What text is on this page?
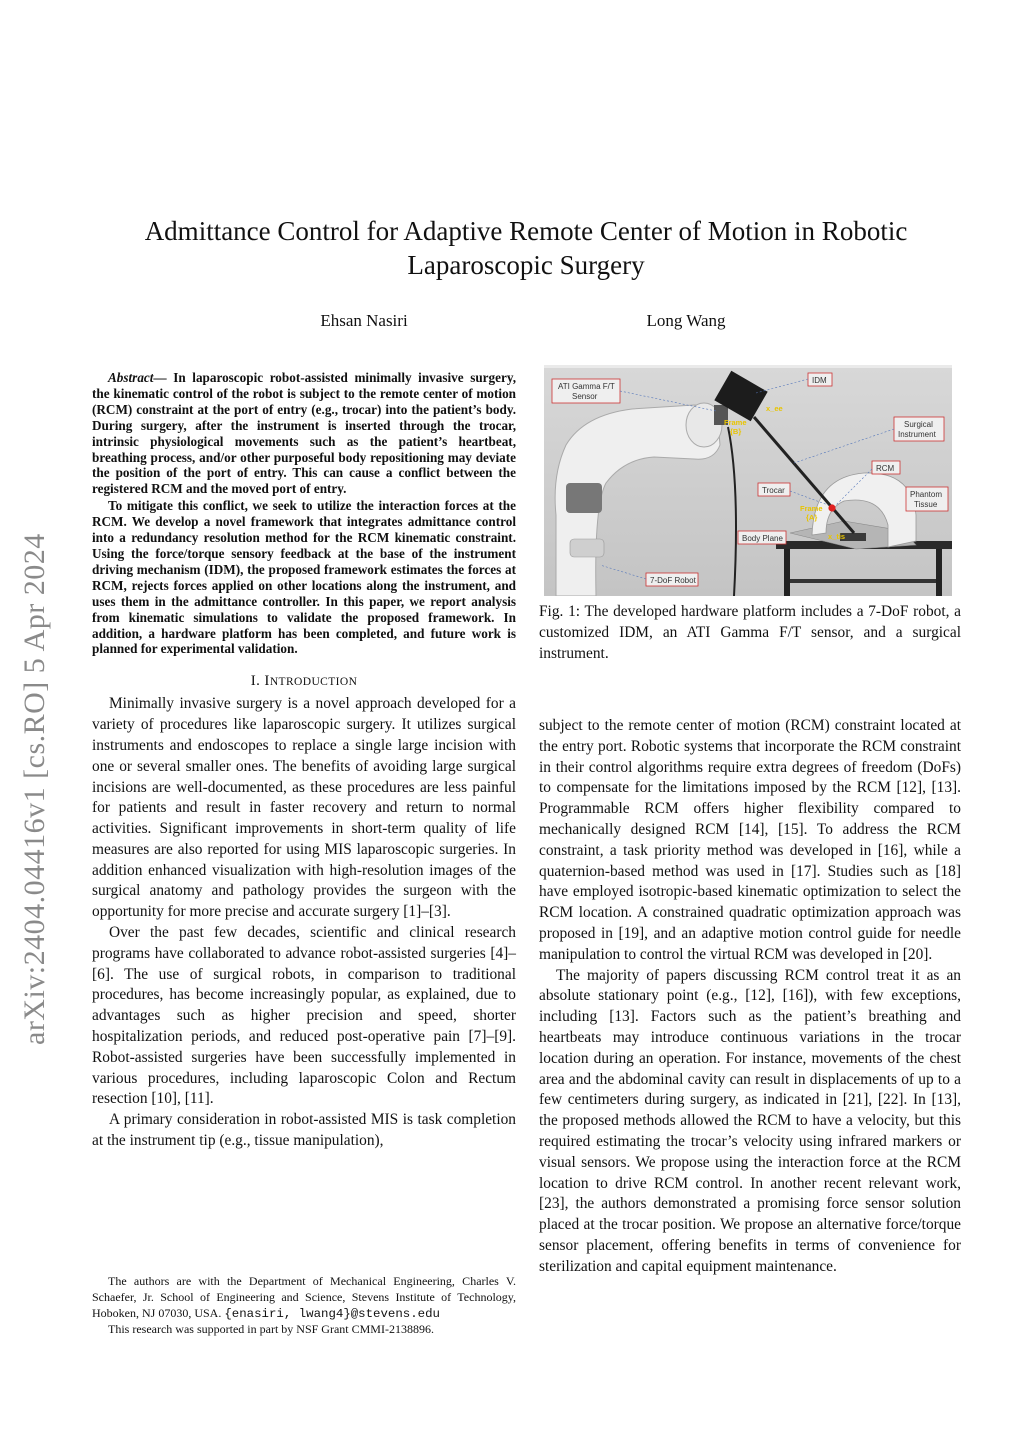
arXiv:2404.04416v1 [cs.RO] 5 Apr 2024
Admittance Control for Adaptive Remote Center of Motion in Robotic Laparoscopic Surgery
Ehsan Nasiri	Long Wang

Abstract— In laparoscopic robot-assisted minimally invasive surgery, the kinematic control of the robot is subject to the remote center of motion (RCM) constraint at the port of entry (e.g., trocar) into the patient’s body. During surgery, after the instrument is inserted through the trocar, intrinsic physiological movements such as the patient’s heartbeat, breathing process, and/or other purposeful body repositioning may deviate the position of the port of entry. This can cause a conflict between the registered RCM and the moved port of entry.

To mitigate this conflict, we seek to utilize the interaction forces at the RCM. We develop a novel framework that integrates admittance control into a redundancy resolution method for the RCM kinematic constraint. Using the force/torque sensory feedback at the base of the instrument driving mechanism (IDM), the proposed framework estimates the forces at RCM, rejects forces applied on other locations along the instrument, and uses them in the admittance controller. In this paper, we report analysis from kinematic simulations to validate the proposed framework. In addition, a hardware platform has been completed, and future work is planned for experimental validation.

I. INTRODUCTION

Minimally invasive surgery is a novel approach developed for a variety of procedures like laparoscopic surgery. It utilizes surgical instruments and endoscopes to replace a single large incision with one or several smaller ones. The benefits of avoiding large surgical incisions are well-documented, as these procedures are less painful for patients and result in faster recovery and return to normal activities. Significant improvements in short-term quality of life measures are also reported for using MIS laparoscopic surgeries. In addition enhanced visualization with high-resolution images of the surgical anatomy and pathology provides the surgeon with the opportunity for more precise and accurate surgery [1]–[3].

Over the past few decades, scientific and clinical research programs have collaborated to advance robot-assisted surgeries [4]–[6]. The use of surgical robots, in comparison to traditional procedures, has become increasingly popular, as explained, due to advantages such as higher precision and speed, shorter hospitalization periods, and reduced post-operative pain [7]–[9]. Robot-assisted surgeries have been successfully implemented in various procedures, including laparoscopic Colon and Rectum resection [10], [11].

A primary consideration in robot-assisted MIS is task completion at the instrument tip (e.g., tissue manipulation),

The authors are with the Department of Mechanical Engineering, Charles V. Schaefer, Jr. School of Engineering and Science, Stevens Institute of Technology, Hoboken, NJ 07030, USA. {enasiri, lwang4}@stevens.edu

This research was supported in part by NSF Grant CMMI-2138896.

Frame
{B}
Frame
{A}
x_ee
x_tis
ATI Gamma F/T
Sensor
IDM
Surgical
Instrument
RCM
Phantom
Tissue
Trocar
Body Plane
7-DoF Robot
Fig. 1: The developed hardware platform includes a 7-DoF robot, a customized IDM, an ATI Gamma F/T sensor, and a surgical instrument.

subject to the remote center of motion (RCM) constraint located at the entry port. Robotic systems that incorporate the RCM constraint in their control algorithms require extra degrees of freedom (DoFs) to compensate for the limitations imposed by the RCM [12], [13]. Programmable RCM offers higher flexibility compared to mechanically designed RCM [14], [15]. To address the RCM constraint, a task priority method was developed in [16], while a quaternion-based method was used in [17]. Studies such as [18] have employed isotropic-based kinematic optimization to select the RCM location. A constrained quadratic optimization approach was proposed in [19], and an adaptive motion control guide for needle manipulation to control the virtual RCM was developed in [20].

The majority of papers discussing RCM control treat it as an absolute stationary point (e.g., [12], [16]), with few exceptions, including [13]. Factors such as the patient’s breathing and heartbeats may introduce continuous variations in the trocar location during an operation. For instance, movements of the chest area and the abdominal cavity can result in displacements of up to a few centimeters during surgery, as indicated in [21], [22]. In [13], the proposed methods allowed the RCM to have a velocity, but this required estimating the trocar’s velocity using infrared markers or visual sensors. We propose using the interaction force at the RCM location to drive RCM control. In another recent relevant work, [23], the authors demonstrated a promising force sensor solution placed at the trocar position. We propose an alternative force/torque sensor placement, offering benefits in terms of convenience for sterilization and capital equipment maintenance.
